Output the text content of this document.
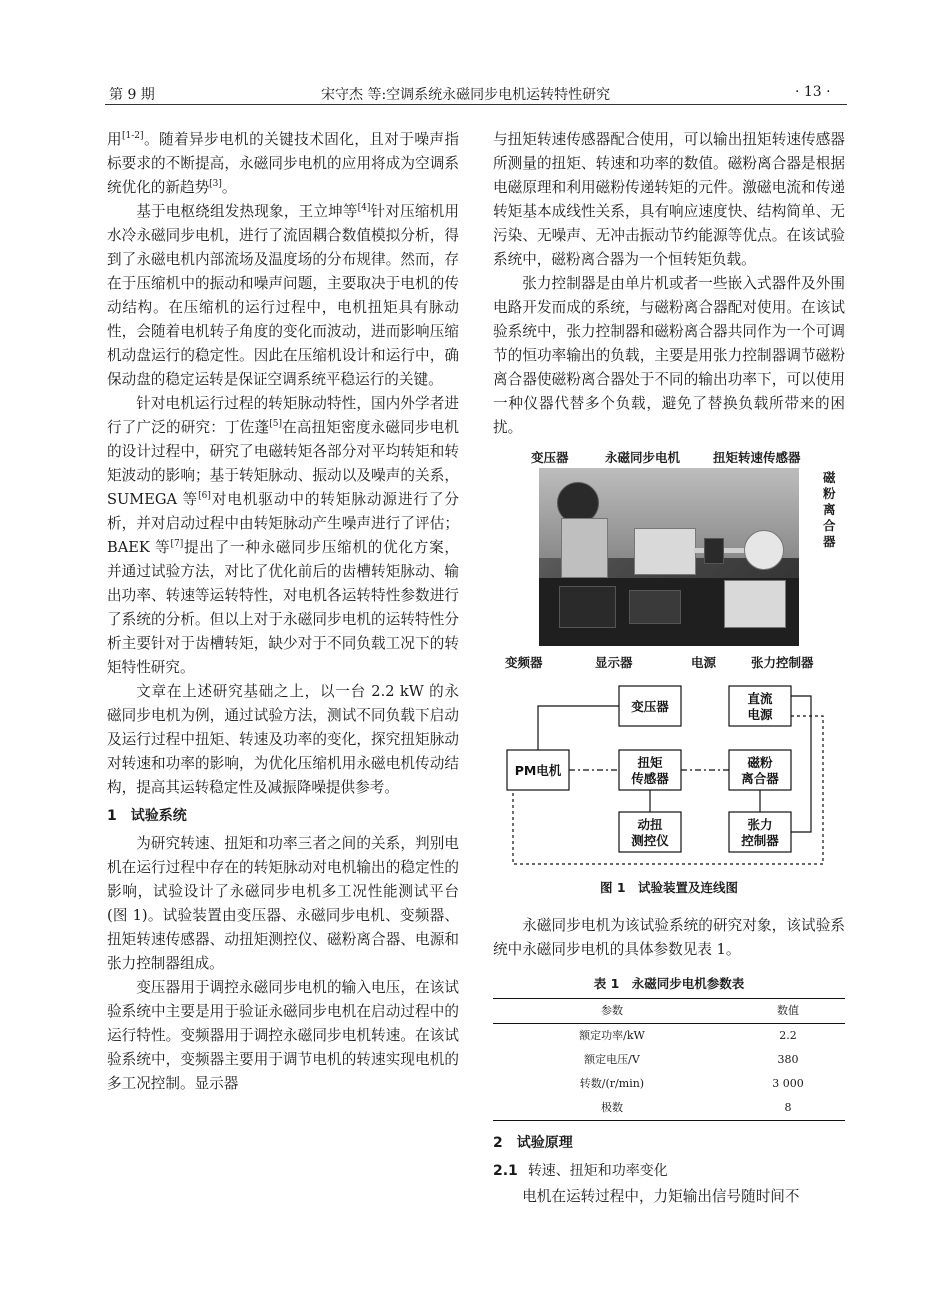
第 9 期	宋守杰 等:空调系统永磁同步电机运转特性研究	· 13 ·

用[1-2]。随着异步电机的关键技术固化，且对于噪声指标要求的不断提高，永磁同步电机的应用将成为空调系统优化的新趋势[3]。

基于电枢绕组发热现象，王立坤等[4]针对压缩机用水冷永磁同步电机，进行了流固耦合数值模拟分析，得到了永磁电机内部流场及温度场的分布规律。然而，存在于压缩机中的振动和噪声问题，主要取决于电机的传动结构。在压缩机的运行过程中，电机扭矩具有脉动性，会随着电机转子角度的变化而波动，进而影响压缩机动盘运行的稳定性。因此在压缩机设计和运行中，确保动盘的稳定运转是保证空调系统平稳运行的关键。

针对电机运行过程的转矩脉动特性，国内外学者进行了广泛的研究：丁佐蓬[5]在高扭矩密度永磁同步电机的设计过程中，研究了电磁转矩各部分对平均转矩和转矩波动的影响；基于转矩脉动、振动以及噪声的关系，SUMEGA 等[6]对电机驱动中的转矩脉动源进行了分析，并对启动过程中由转矩脉动产生噪声进行了评估；BAEK 等[7]提出了一种永磁同步压缩机的优化方案，并通过试验方法，对比了优化前后的齿槽转矩脉动、输出功率、转速等运转特性，对电机各运转特性参数进行了系统的分析。但以上对于永磁同步电机的运转特性分析主要针对于齿槽转矩，缺少对于不同负载工况下的转矩特性研究。

文章在上述研究基础之上，以一台 2.2 kW 的永磁同步电机为例，通过试验方法，测试不同负载下启动及运行过程中扭矩、转速及功率的变化，探究扭矩脉动对转速和功率的影响，为优化压缩机用永磁电机传动结构，提高其运转稳定性及减振降噪提供参考。

1　试验系统

为研究转速、扭矩和功率三者之间的关系，判别电机在运行过程中存在的转矩脉动对电机输出的稳定性的影响，试验设计了永磁同步电机多工况性能测试平台(图 1)。试验装置由变压器、永磁同步电机、变频器、扭矩转速传感器、动扭矩测控仪、磁粉离合器、电源和张力控制器组成。

变压器用于调控永磁同步电机的输入电压，在该试验系统中主要是用于验证永磁同步电机在启动过程中的运行特性。变频器用于调控永磁同步电机转速。在该试验系统中，变频器主要用于调节电机的转速实现电机的多工况控制。显示器

与扭矩转速传感器配合使用，可以输出扭矩转速传感器所测量的扭矩、转速和功率的数值。磁粉离合器是根据电磁原理和利用磁粉传递转矩的元件。激磁电流和传递转矩基本成线性关系，具有响应速度快、结构简单、无污染、无噪声、无冲击振动节约能源等优点。在该试验系统中，磁粉离合器为一个恒转矩负载。

张力控制器是由单片机或者一些嵌入式器件及外围电路开发而成的系统，与磁粉离合器配对使用。在该试验系统中，张力控制器和磁粉离合器共同作为一个可调节的恒功率输出的负载，主要是用张力控制器调节磁粉离合器使磁粉离合器处于不同的输出功率下，可以使用一种仪器代替多个负载，避免了替换负载所带来的困扰。

变压器	永磁同步电机	扭矩转速传感器
磁粉离合器
变频器	显示器	电源	张力控制器
变压器
直流
电源
PM电机
扭矩
传感器
磁粉
离合器
动扭
测控仪
张力
控制器
图 1　试验装置及连线图

永磁同步电机为该试验系统的研究对象，该试验系统中永磁同步电机的具体参数见表 1。

表 1　永磁同步电机参数表
参数	数值
额定功率/kW	2.2
额定电压/V	380
转数/(r/min)	3 000
极数	8
2　试验原理
2.1 转速、扭矩和功率变化

电机在运转过程中，力矩输出信号随时间不
